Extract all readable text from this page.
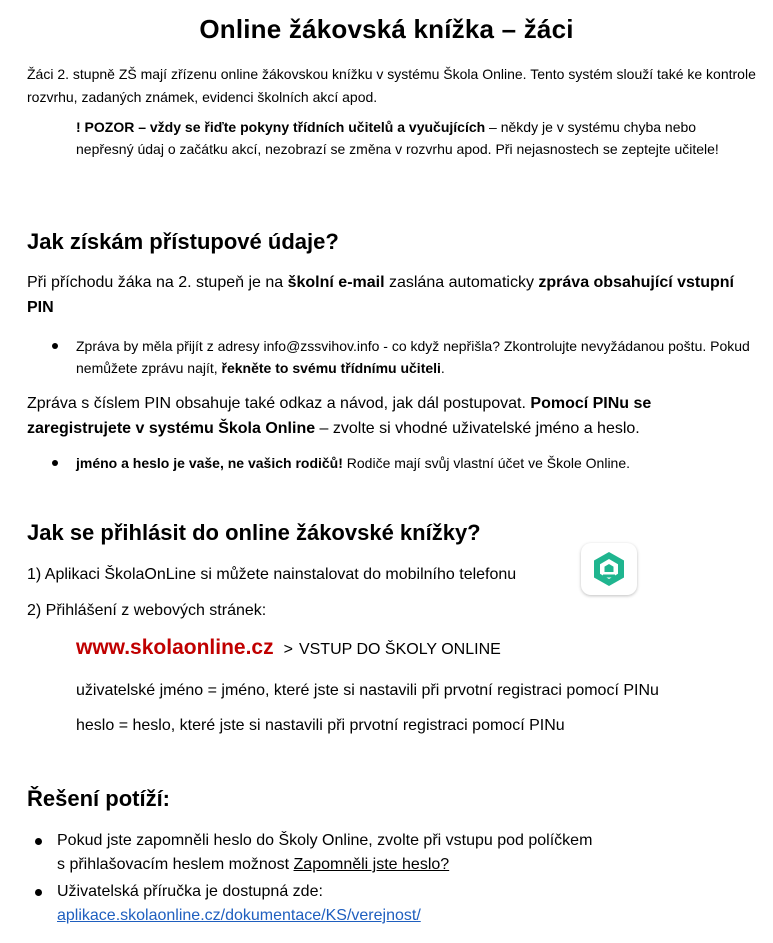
Online žákovská knížka – žáci

Žáci 2. stupně ZŠ mají zřízenu online žákovskou knížku v systému Škola Online. Tento systém slouží také ke kontrole rozvrhu, zadaných známek, evidenci školních akcí apod.

! POZOR – vždy se řiďte pokyny třídních učitelů a vyučujících – někdy je v systému chyba nebo nepřesný údaj o začátku akcí, nezobrazí se změna v rozvrhu apod. Při nejasnostech se zeptejte učitele!

Jak získám přístupové údaje?

Při příchodu žáka na 2. stupeň je na školní e-mail zaslána automaticky zpráva obsahující vstupní PIN

Zpráva by měla přijít z adresy info@zssvihov.info - co když nepřišla? Zkontrolujte nevyžádanou poštu. Pokud nemůžete zprávu najít, řekněte to svému třídnímu učiteli.

Zpráva s číslem PIN obsahuje také odkaz a návod, jak dál postupovat. Pomocí PINu se zaregistrujete v systému Škola Online – zvolte si vhodné uživatelské jméno a heslo.

jméno a heslo je vaše, ne vašich rodičů! Rodiče mají svůj vlastní účet ve Škole Online.
Jak se přihlásit do online žákovské knížky?

1) Aplikaci ŠkolaOnLine si můžete nainstalovat do mobilního telefonu

2) Přihlášení z webových stránek:

www.skolaonline.cz > VSTUP DO ŠKOLY ONLINE

uživatelské jméno = jméno, které jste si nastavili při prvotní registraci pomocí PINu

heslo = heslo, které jste si nastavili při prvotní registraci pomocí PINu

Řešení potíží:
Pokud jste zapomněli heslo do Školy Online, zvolte při vstupu pod políčkem
s přihlašovacím heslem možnost Zapomněli jste heslo?
Uživatelská příručka je dostupná zde:
aplikace.skolaonline.cz/dokumentace/KS/verejnost/
